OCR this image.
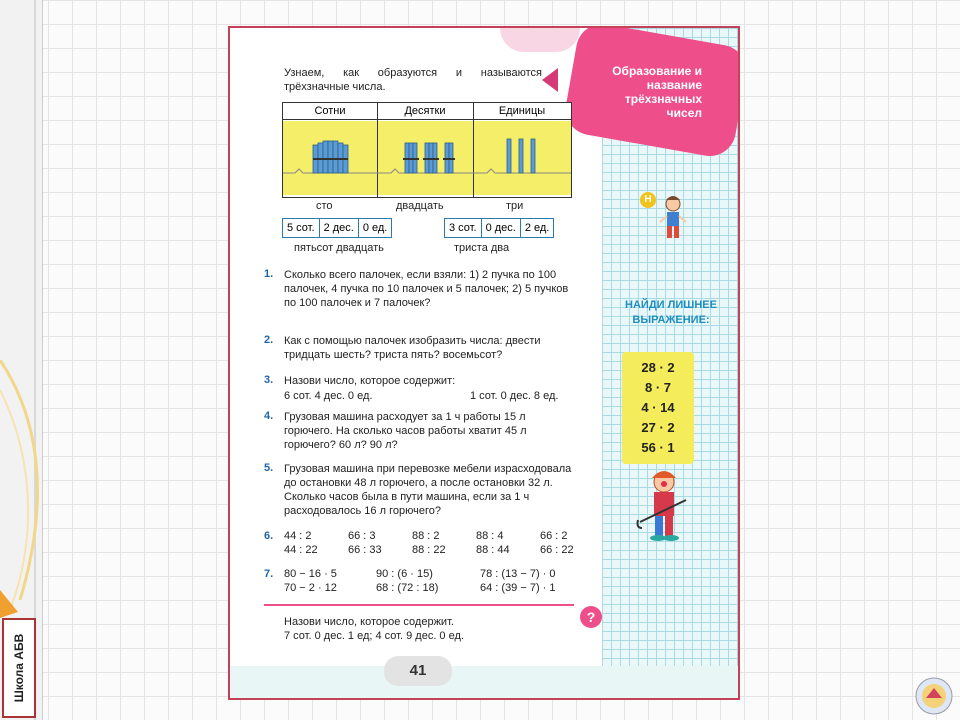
Школа АБВ
Образование и название трёхзначных чисел
Узнаем, как образуются и называются трёхзначные числа.
Сотни	Десятки	Единицы
сто	двадцать	три
5 сот. 2 дес. 0 ед.	3 сот. 0 дес. 2 ед.
пятьсот двадцать	триста два
1. Сколько всего палочек, если взяли: 1) 2 пучка по 100 палочек, 4 пучка по 10 палочек и 5 палочек; 2) 5 пучков по 100 палочек и 7 палочек?
2. Как с помощью палочек изобразить числа: двести тридцать шесть? триста пять? восемьсот?
3. Назови число, которое содержит:
6 сот. 4 дес. 0 ед.	1 сот. 0 дес. 8 ед.
4. Грузовая машина расходует за 1 ч работы 15 л горючего. На сколько часов работы хватит 45 л горючего? 60 л? 90 л?
5. Грузовая машина при перевозке мебели израсходовала до остановки 48 л горючего, а после остановки 32 л. Сколько часов была в пути машина, если за 1 ч расходовалось 16 л горючего?
6. 44 : 2	66 : 3	88 : 2	88 : 4	66 : 2
44 : 22	66 : 33	88 : 22	88 : 44	66 : 22
7. 80 − 16 · 5	90 : (6 · 15)	78 : (13 − 7) · 0
70 − 2 · 12	68 : (72 : 18)	64 : (39 − 7) · 1
?
Назови число, которое содержит.
7 сот. 0 дес. 1 ед; 4 сот. 9 дес. 0 ед.
41
Н
НАЙДИ ЛИШНЕЕ ВЫРАЖЕНИЕ:
28 · 2
8 · 7
4 · 14
27 · 2
56 · 1
